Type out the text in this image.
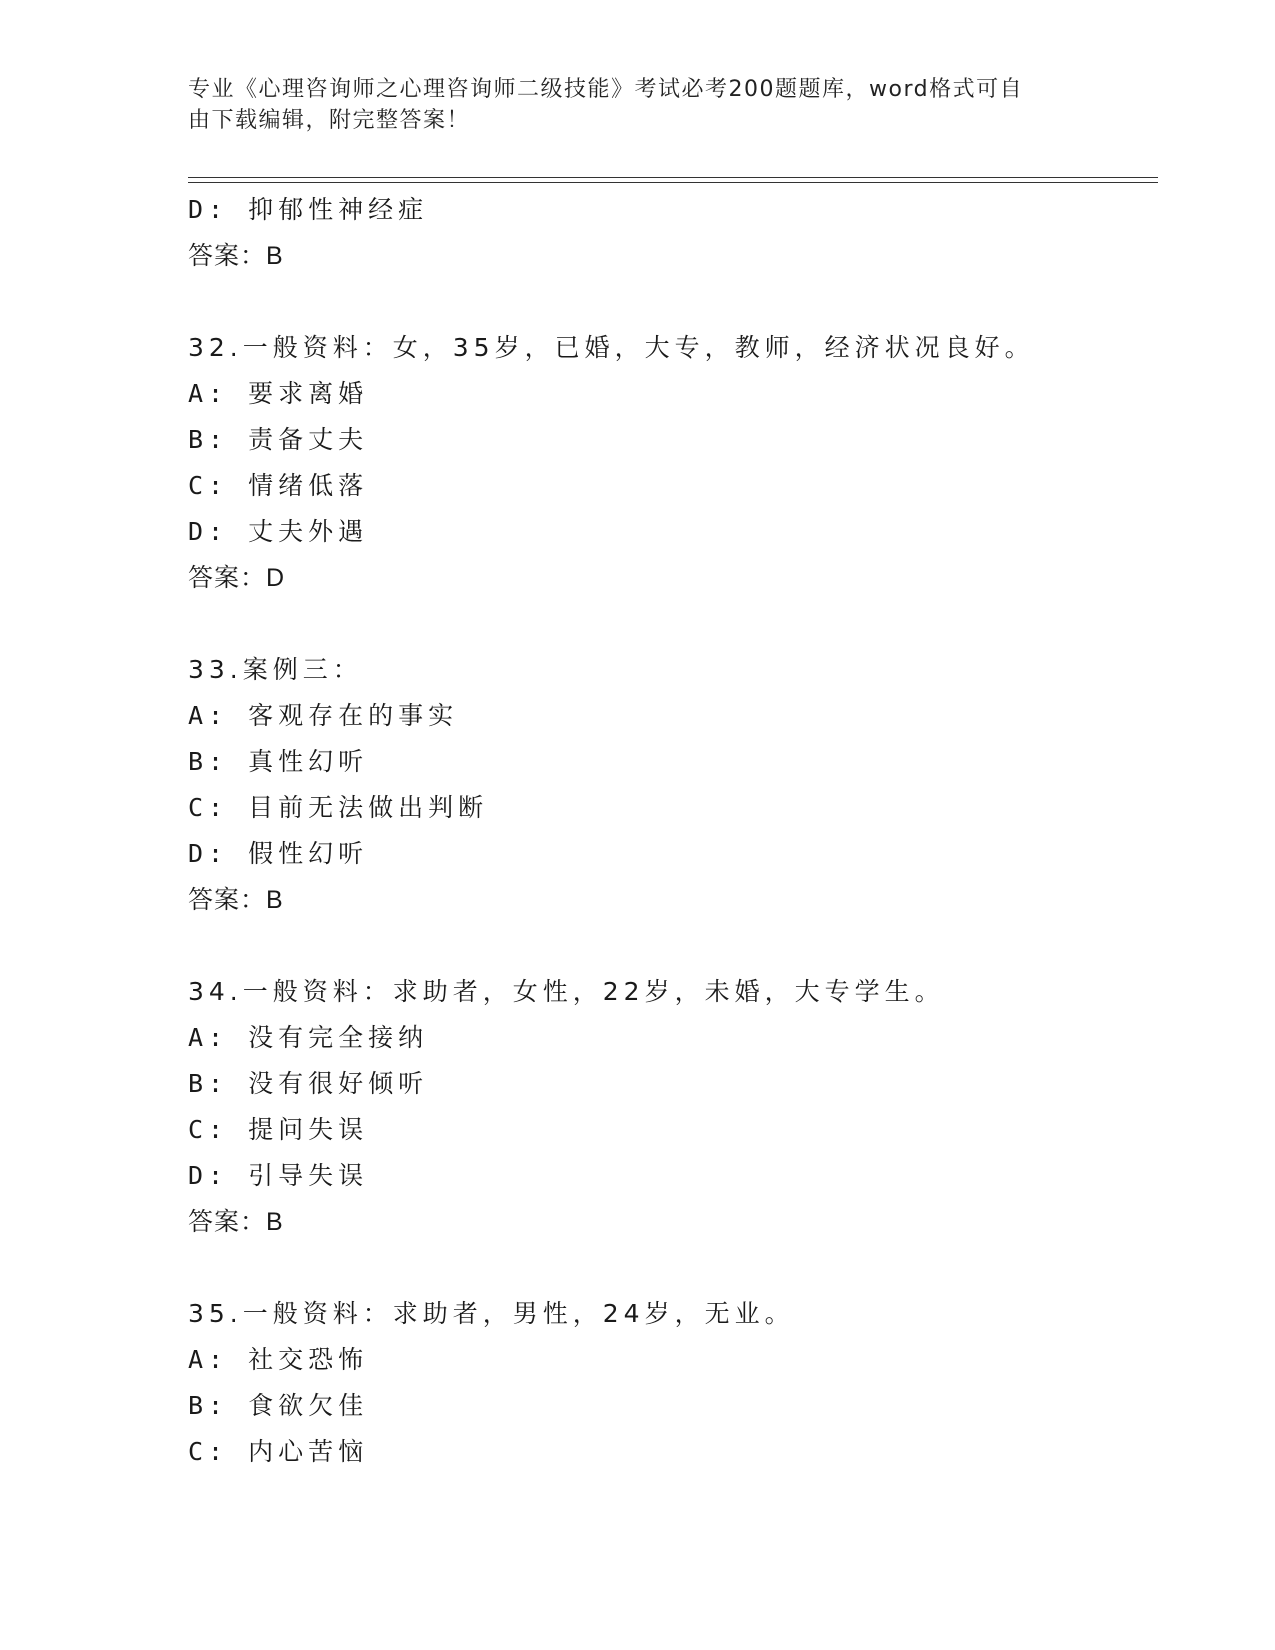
专业《心理咨询师之心理咨询师二级技能》考试必考200题题库，word格式可自
由下载编辑，附完整答案！
D: 抑郁性神经症
答案：B
32.一般资料：女，35岁，已婚，大专，教师，经济状况良好。
A: 要求离婚
B: 责备丈夫
C: 情绪低落
D: 丈夫外遇
答案：D
33.案例三：
A: 客观存在的事实
B: 真性幻听
C: 目前无法做出判断
D: 假性幻听
答案：B
34.一般资料：求助者，女性，22岁，未婚，大专学生。
A: 没有完全接纳
B: 没有很好倾听
C: 提问失误
D: 引导失误
答案：B
35.一般资料：求助者，男性，24岁，无业。
A: 社交恐怖
B: 食欲欠佳
C: 内心苦恼
